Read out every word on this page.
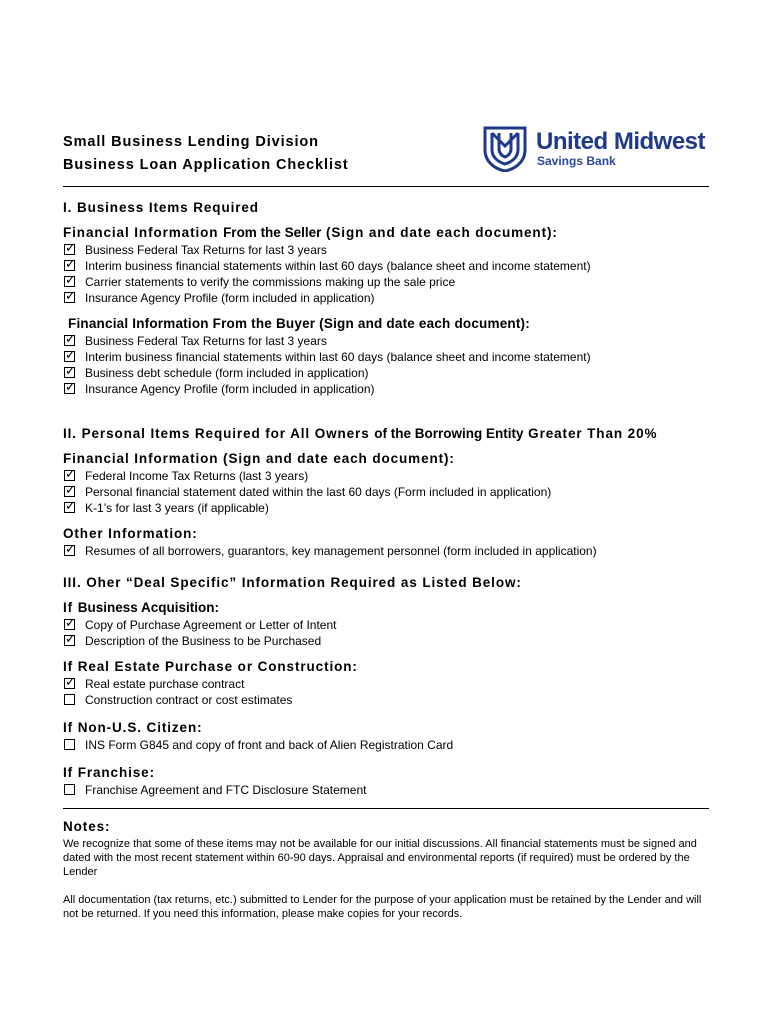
Small Business Lending Division
Business Loan Application Checklist
United Midwest
Savings Bank
I. Business Items Required
Financial Information From the Seller (Sign and date each document):
✓ Business Federal Tax Returns for last 3 years
✓ Interim business financial statements within last 60 days (balance sheet and income statement)
✓ Carrier statements to verify the commissions making up the sale price
✓ Insurance Agency Profile (form included in application)
Financial Information From the Buyer (Sign and date each document):
✓ Business Federal Tax Returns for last 3 years
✓ Interim business financial statements within last 60 days (balance sheet and income statement)
✓ Business debt schedule (form included in application)
✓ Insurance Agency Profile (form included in application)
II. Personal Items Required for All Owners of the Borrowing Entity Greater Than 20%
Financial Information (Sign and date each document):
✓ Federal Income Tax Returns (last 3 years)
✓ Personal financial statement dated within the last 60 days (Form included in application)
✓ K-1’s for last 3 years (if applicable)
Other Information:
✓ Resumes of all borrowers, guarantors, key management personnel (form included in application)
III. Oher “Deal Specific” Information Required as Listed Below:
If Business Acquisition:
✓ Copy of Purchase Agreement or Letter of Intent
✓ Description of the Business to be Purchased
If Real Estate Purchase or Construction:
✓ Real estate purchase contract
Construction contract or cost estimates
If Non-U.S. Citizen:
INS Form G845 and copy of front and back of Alien Registration Card
If Franchise:
Franchise Agreement and FTC Disclosure Statement
Notes:

We recognize that some of these items may not be available for our initial discussions. All financial statements must be signed and dated with the most recent statement within 60-90 days. Appraisal and environmental reports (if required) must be ordered by the Lender

All documentation (tax returns, etc.) submitted to Lender for the purpose of your application must be retained by the Lender and will not be returned. If you need this information, please make copies for your records.
